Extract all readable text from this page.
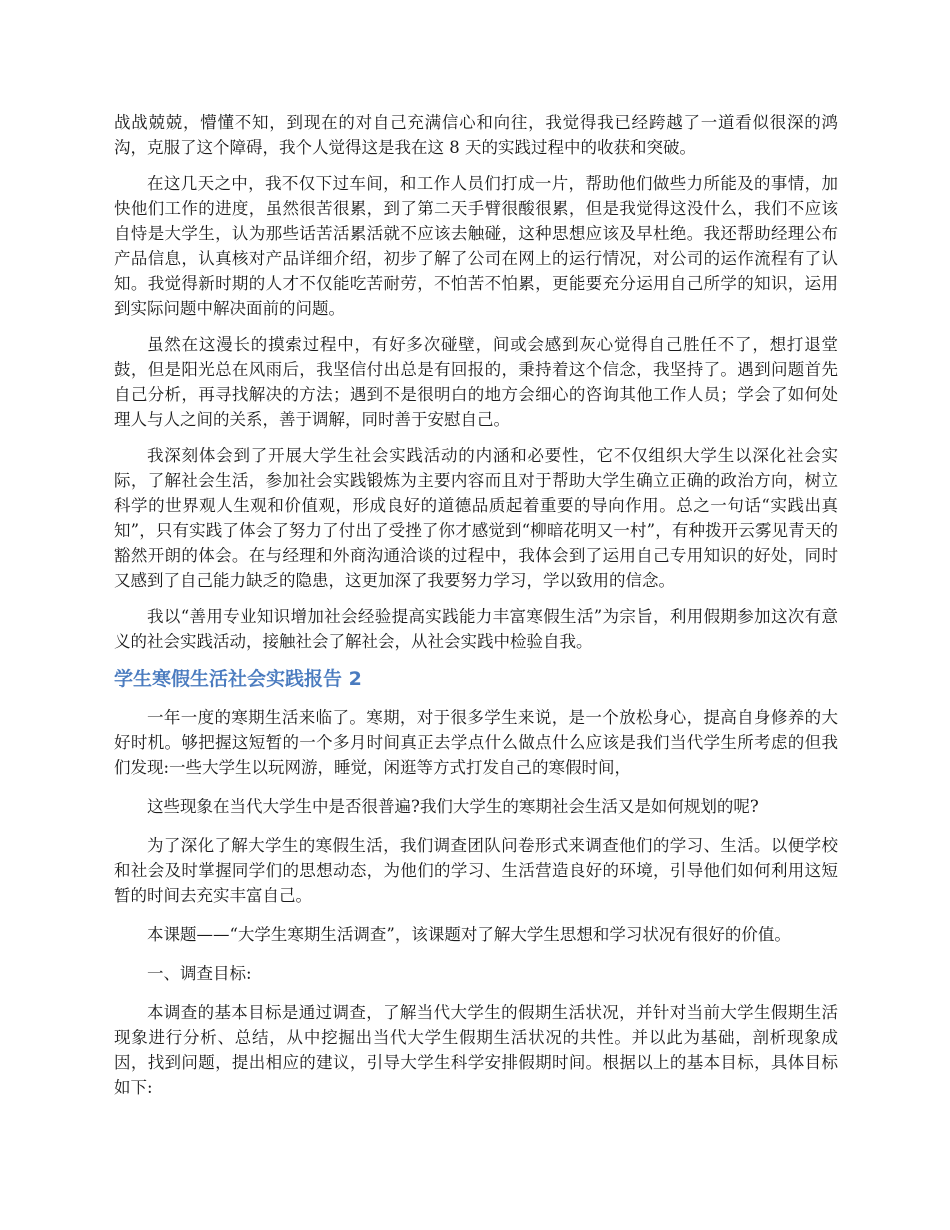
战战兢兢，懵懂不知，到现在的对自己充满信心和向往，我觉得我已经跨越了一道看似很深的鸿沟，克服了这个障碍，我个人觉得这是我在这 8 天的实践过程中的收获和突破。

在这几天之中，我不仅下过车间，和工作人员们打成一片，帮助他们做些力所能及的事情，加快他们工作的进度，虽然很苦很累，到了第二天手臂很酸很累，但是我觉得这没什么，我们不应该自恃是大学生，认为那些话苦活累活就不应该去触碰，这种思想应该及早杜绝。我还帮助经理公布产品信息，认真核对产品详细介绍，初步了解了公司在网上的运行情况，对公司的运作流程有了认知。我觉得新时期的人才不仅能吃苦耐劳，不怕苦不怕累，更能要充分运用自己所学的知识，运用到实际问题中解决面前的问题。

虽然在这漫长的摸索过程中，有好多次碰壁，间或会感到灰心觉得自己胜任不了，想打退堂鼓，但是阳光总在风雨后，我坚信付出总是有回报的，秉持着这个信念，我坚持了。遇到问题首先自己分析，再寻找解决的方法；遇到不是很明白的地方会细心的咨询其他工作人员；学会了如何处理人与人之间的关系，善于调解，同时善于安慰自己。

我深刻体会到了开展大学生社会实践活动的内涵和必要性，它不仅组织大学生以深化社会实际，了解社会生活，参加社会实践锻炼为主要内容而且对于帮助大学生确立正确的政治方向，树立科学的世界观人生观和价值观，形成良好的道德品质起着重要的导向作用。总之一句话“实践出真知”，只有实践了体会了努力了付出了受挫了你才感觉到“柳暗花明又一村”，有种拨开云雾见青天的豁然开朗的体会。在与经理和外商沟通洽谈的过程中，我体会到了运用自己专用知识的好处，同时又感到了自己能力缺乏的隐患，这更加深了我要努力学习，学以致用的信念。

我以“善用专业知识增加社会经验提高实践能力丰富寒假生活”为宗旨，利用假期参加这次有意义的社会实践活动，接触社会了解社会，从社会实践中检验自我。

学生寒假生活社会实践报告 2

一年一度的寒期生活来临了。寒期，对于很多学生来说，是一个放松身心，提高自身修养的大好时机。够把握这短暂的一个多月时间真正去学点什么做点什么应该是我们当代学生所考虑的但我们发现:一些大学生以玩网游，睡觉，闲逛等方式打发自己的寒假时间，

这些现象在当代大学生中是否很普遍?我们大学生的寒期社会生活又是如何规划的呢?

为了深化了解大学生的寒假生活，我们调查团队问卷形式来调查他们的学习、生活。以便学校和社会及时掌握同学们的思想动态，为他们的学习、生活营造良好的环境，引导他们如何利用这短暂的时间去充实丰富自己。

本课题——“大学生寒期生活调查”，该课题对了解大学生思想和学习状况有很好的价值。

一、调查目标:

本调查的基本目标是通过调查，了解当代大学生的假期生活状况，并针对当前大学生假期生活现象进行分析、总结，从中挖掘出当代大学生假期生活状况的共性。并以此为基础，剖析现象成因，找到问题，提出相应的建议，引导大学生科学安排假期时间。根据以上的基本目标，具体目标如下:
